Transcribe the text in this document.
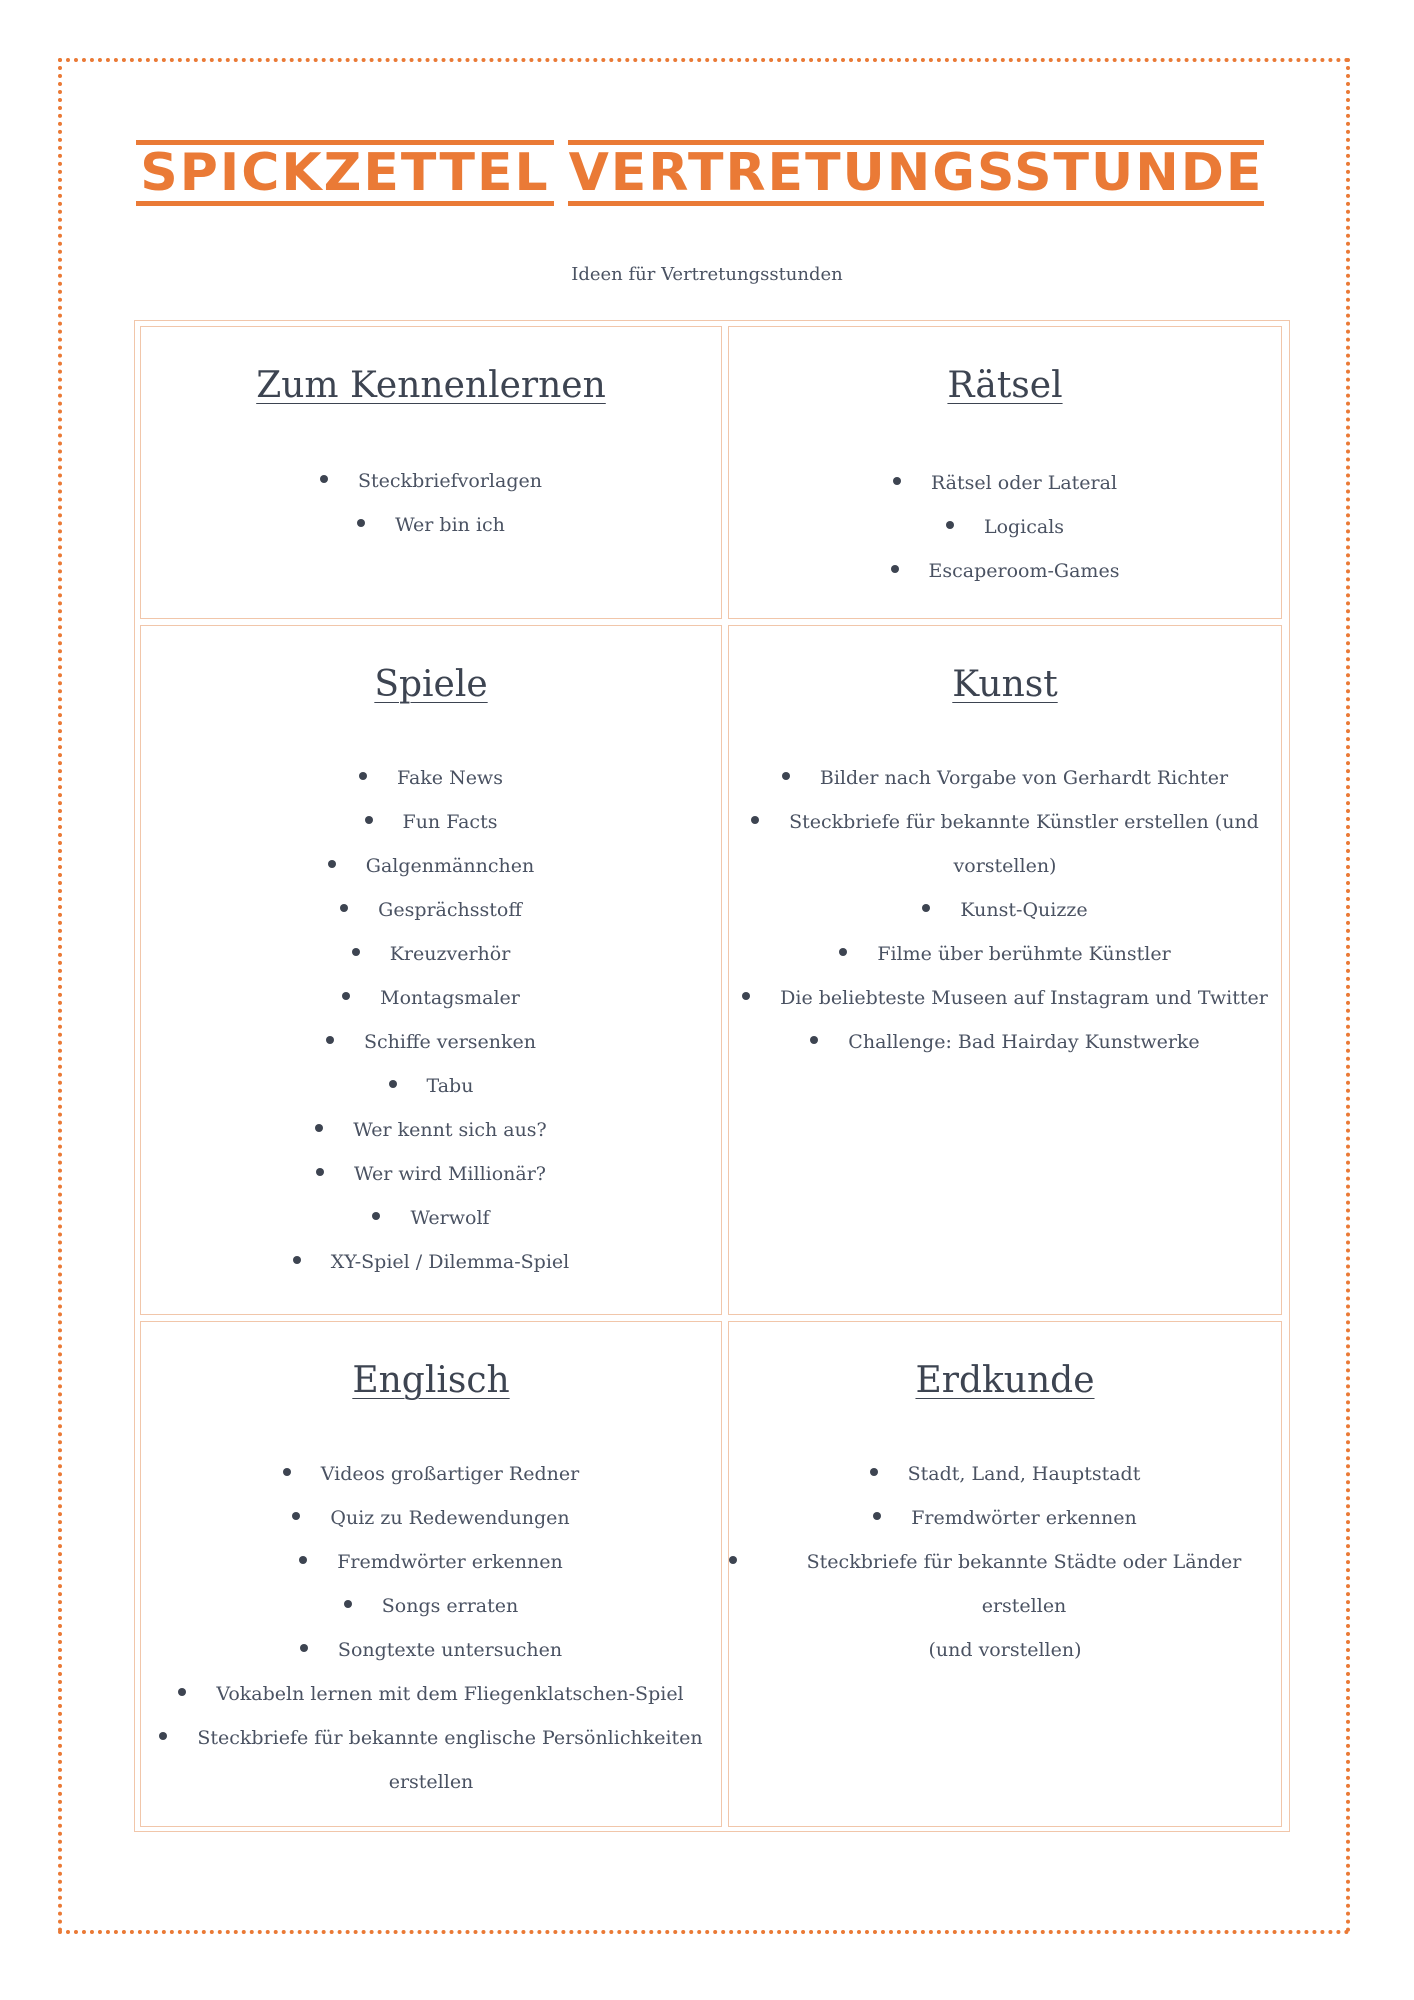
SPICKZETTEL VERTRETUNGSSTUNDE
Ideen für Vertretungsstunden
Zum Kennenlernen
Steckbriefvorlagen
Wer bin ich
Rätsel
Rätsel oder Lateral
Logicals
Escaperoom-Games
Spiele
Fake News
Fun Facts
Galgenmännchen
Gesprächsstoff
Kreuzverhör
Montagsmaler
Schiffe versenken
Tabu
Wer kennt sich aus?
Wer wird Millionär?
Werwolf
XY-Spiel / Dilemma-Spiel
Kunst
Bilder nach Vorgabe von Gerhardt Richter
Steckbriefe für bekannte Künstler erstellen (und
vorstellen)
Kunst-Quizze
Filme über berühmte Künstler
Die beliebteste Museen auf Instagram und Twitter
Challenge: Bad Hairday Kunstwerke
Englisch
Videos großartiger Redner
Quiz zu Redewendungen
Fremdwörter erkennen
Songs erraten
Songtexte untersuchen
Vokabeln lernen mit dem Fliegenklatschen-Spiel
Steckbriefe für bekannte englische Persönlichkeiten
erstellen
Erdkunde
Stadt, Land, Hauptstadt
Fremdwörter erkennen
Steckbriefe für bekannte Städte oder Länder erstellen
(und vorstellen)
